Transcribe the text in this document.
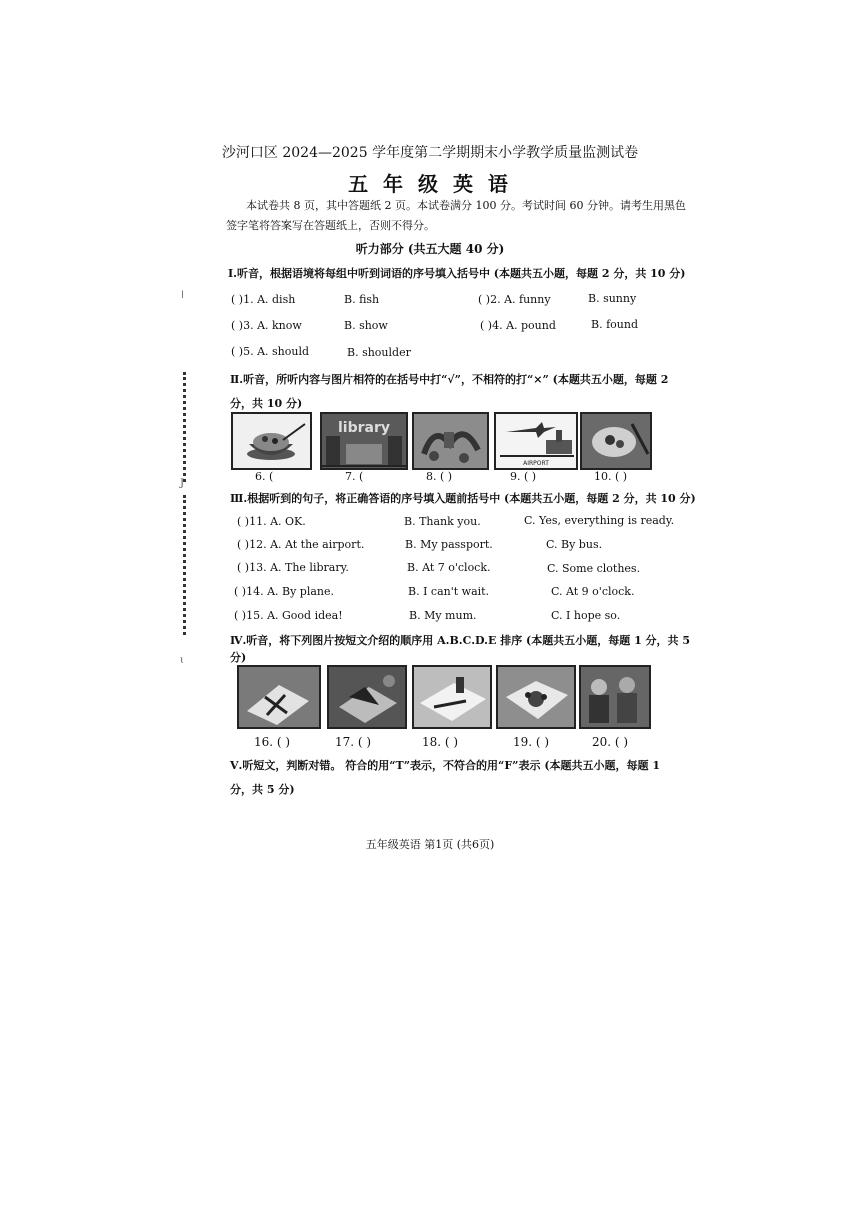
ǀ
J
ɩ
沙河口区 2024—2025 学年度第二学期期末小学教学质量监测试卷
五 年 级 英 语
本试卷共 8 页，其中答题纸 2 页。本试卷满分 100 分。考试时间 60 分钟。请考生用黑色
签字笔将答案写在答题纸上，否则不得分。
听力部分 (共五大题 40 分)
Ⅰ.听音，根据语境将每组中听到词语的序号填入括号中 (本题共五小题，每题 2 分，共 10 分)
( )1. A. dish	B. fish	( )2. A. funny	B. sunny
( )3. A. know	B. show	( )4. A. pound	B. found
( )5. A. should	B. shoulder
Ⅱ.听音，所听内容与图片相符的在括号中打“√”，不相符的打“×” (本题共五小题，每题 2
分，共 10 分)
library
AIRPORT
6. (	7. (	8. ( )	9. ( )	10. ( )
Ⅲ.根据听到的句子，将正确答语的序号填入题前括号中 (本题共五小题，每题 2 分，共 10 分)
( )11. A. OK.	B. Thank you.	C. Yes, everything is ready.
( )12. A. At the airport.	B. My passport.	C. By bus.
( )13. A. The library.	B. At 7 o'clock.	C. Some clothes.
( )14. A. By plane.	B. I can't wait.	C. At 9 o'clock.
( )15. A. Good idea!	B. My mum.	C. I hope so.
Ⅳ.听音，将下列图片按短文介绍的顺序用 A.B.C.D.E 排序 (本题共五小题，每题 1 分，共 5
分)
16. ( )	17. ( )	18. ( )	19. ( )	20. ( )
Ⅴ.听短文，判断对错。 符合的用“T”表示，不符合的用“F”表示 (本题共五小题，每题 1
分，共 5 分)
五年级英语 第1页 (共6页)
